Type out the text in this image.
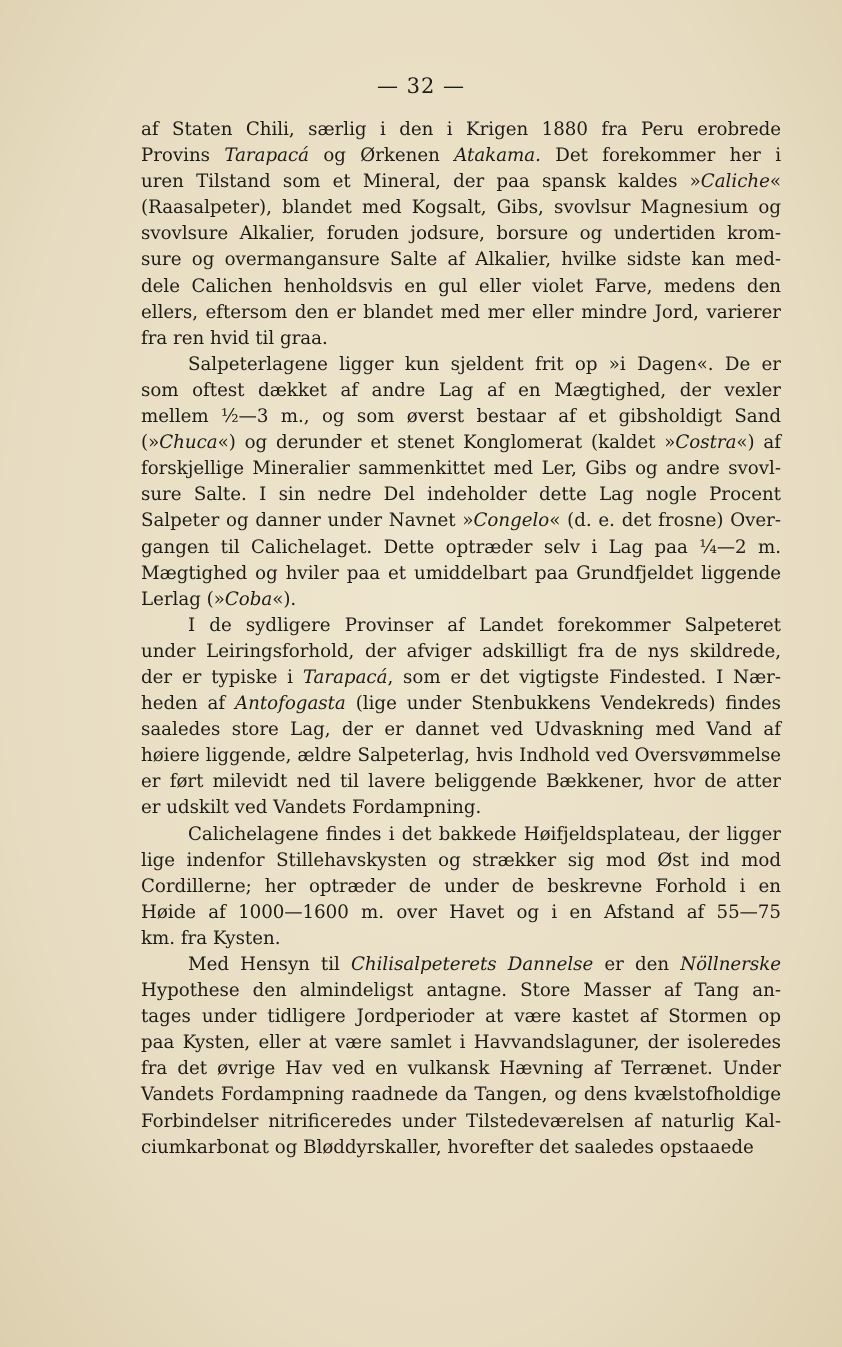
— 32 —
af Staten Chili, særlig i den i Krigen 1880 fra Peru erobrede
Provins Tarapacá og Ørkenen Atakama. Det forekommer her i
uren Tilstand som et Mineral, der paa spansk kaldes »Caliche«
(Raasalpeter), blandet med Kogsalt, Gibs, svovlsur Magnesium og
svovlsure Alkalier, foruden jodsure, borsure og undertiden krom-
sure og overmangansure Salte af Alkalier, hvilke sidste kan med-
dele Calichen henholdsvis en gul eller violet Farve, medens den
ellers, eftersom den er blandet med mer eller mindre Jord, varierer
fra ren hvid til graa.
Salpeterlagene ligger kun sjeldent frit op »i Dagen«. De er
som oftest dækket af andre Lag af en Mægtighed, der vexler
mellem ½—3 m., og som øverst bestaar af et gibsholdigt Sand
(»Chuca«) og derunder et stenet Konglomerat (kaldet »Costra«) af
forskjellige Mineralier sammenkittet med Ler, Gibs og andre svovl-
sure Salte. I sin nedre Del indeholder dette Lag nogle Procent
Salpeter og danner under Navnet »Congelo« (d. e. det frosne) Over-
gangen til Calichelaget. Dette optræder selv i Lag paa ¼—2 m.
Mægtighed og hviler paa et umiddelbart paa Grundfjeldet liggende
Lerlag (»Coba«).
I de sydligere Provinser af Landet forekommer Salpeteret
under Leiringsforhold, der afviger adskilligt fra de nys skildrede,
der er typiske i Tarapacá, som er det vigtigste Findested. I Nær-
heden af Antofogasta (lige under Stenbukkens Vendekreds) findes
saaledes store Lag, der er dannet ved Udvaskning med Vand af
høiere liggende, ældre Salpeterlag, hvis Indhold ved Oversvømmelse
er ført milevidt ned til lavere beliggende Bækkener, hvor de atter
er udskilt ved Vandets Fordampning.
Calichelagene findes i det bakkede Høifjeldsplateau, der ligger
lige indenfor Stillehavskysten og strækker sig mod Øst ind mod
Cordillerne; her optræder de under de beskrevne Forhold i en
Høide af 1000—1600 m. over Havet og i en Afstand af 55—75
km. fra Kysten.
Med Hensyn til Chilisalpeterets Dannelse er den Nöllnerske
Hypothese den almindeligst antagne. Store Masser af Tang an-
tages under tidligere Jordperioder at være kastet af Stormen op
paa Kysten, eller at være samlet i Havvandslaguner, der isoleredes
fra det øvrige Hav ved en vulkansk Hævning af Terrænet. Under
Vandets Fordampning raadnede da Tangen, og dens kvælstofholdige
Forbindelser nitrificeredes under Tilstedeværelsen af naturlig Kal-
ciumkarbonat og Bløddyrskaller, hvorefter det saaledes opstaaede
